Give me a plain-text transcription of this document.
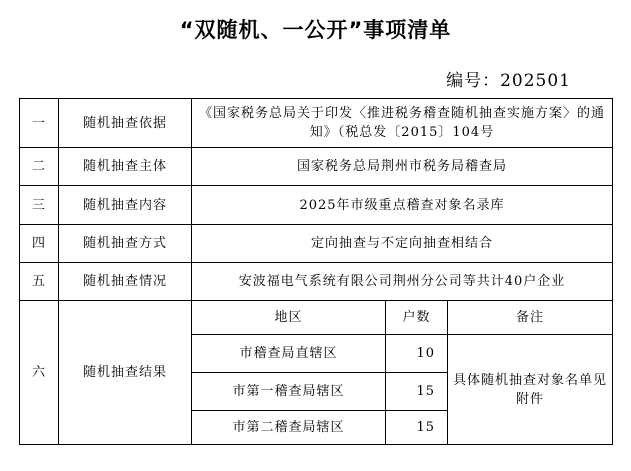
“双随机、一公开”事项清单
编号：202501
一	随机抽查依据	《国家税务总局关于印发〈推进税务稽查随机抽查实施方案〉的通知》（税总发〔2015〕104号		
二	随机抽查主体	国家税务总局荆州市税务局稽查局		
三	随机抽查内容	2025年市级重点稽查对象名录库		
四	随机抽查方式	定向抽查与不定向抽查相结合		
五	随机抽查情况	安波福电气系统有限公司荆州分公司等共计40户企业		
六	随机抽查结果	地区	户数	备注
		市稽查局直辖区	10	具体随机抽查对象名单见附件
		市第一稽查局辖区	15	
		市第二稽查局辖区	15	
